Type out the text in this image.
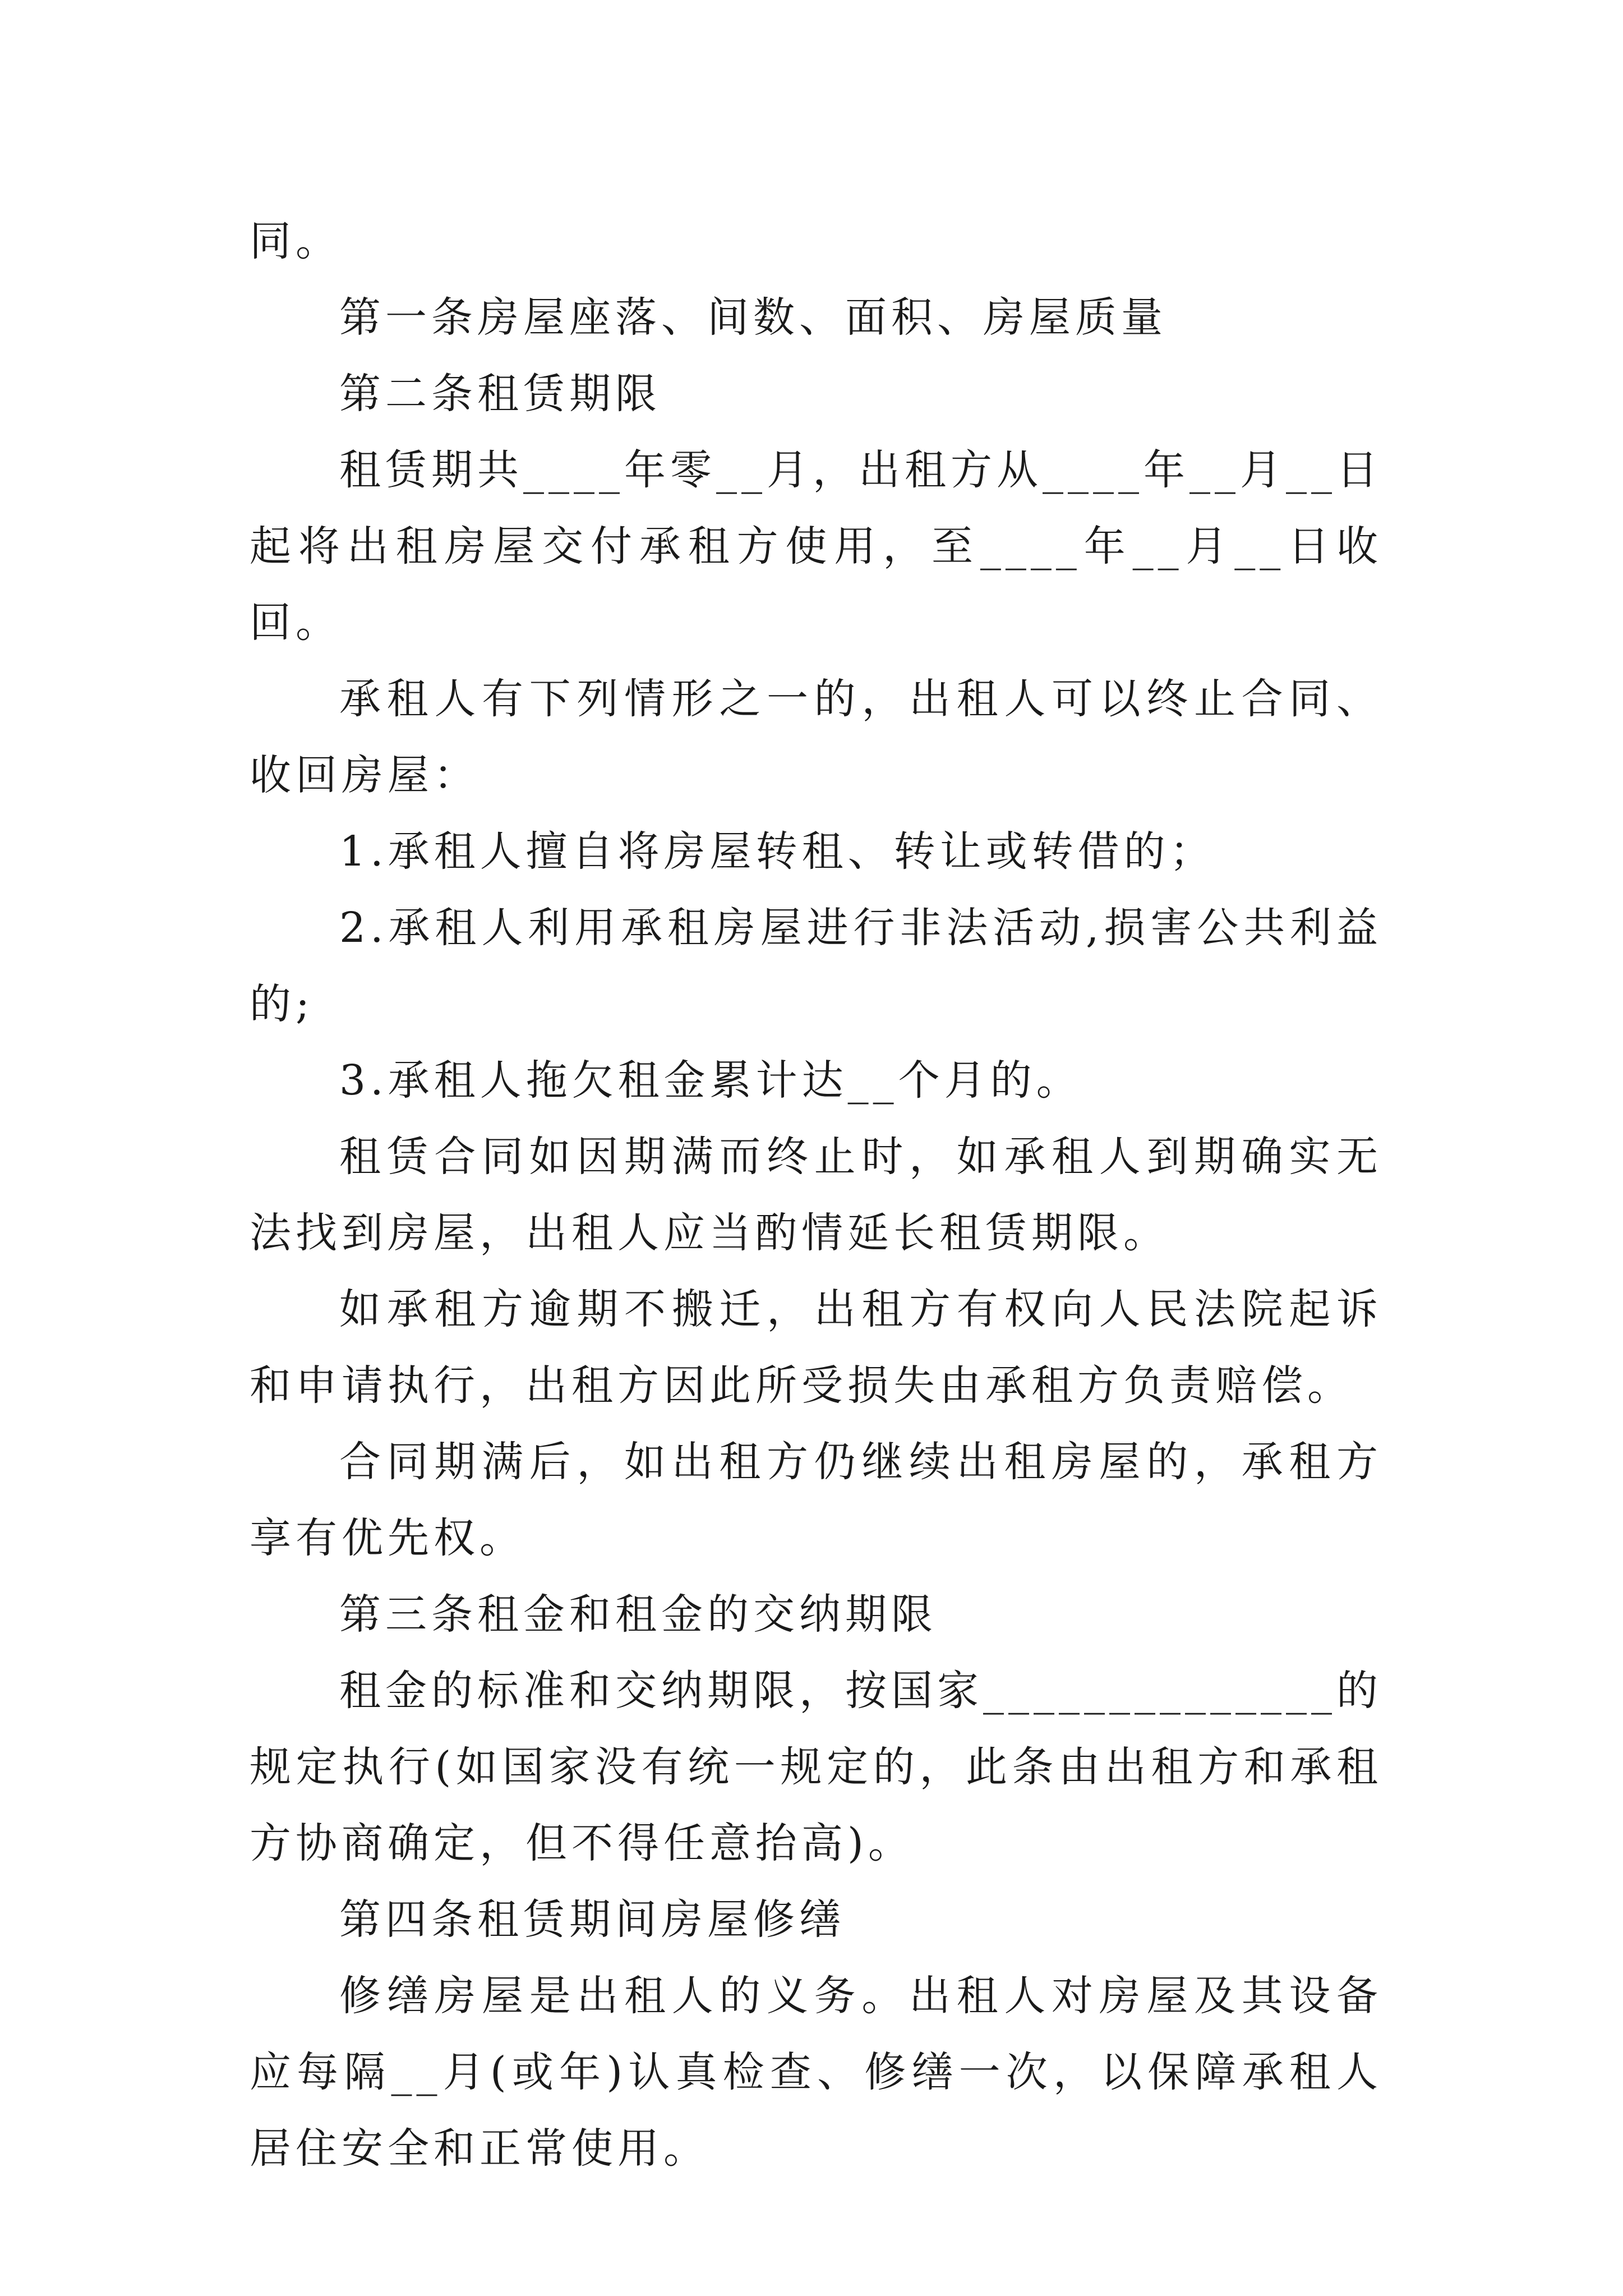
同。

第一条房屋座落、间数、面积、房屋质量

第二条租赁期限

租赁期共____年零__月，出租方从____年__月__日起将出租房屋交付承租方使用，至____年__月__日收回。

承租人有下列情形之一的，出租人可以终止合同、收回房屋：

1.承租人擅自将房屋转租、转让或转借的；

2.承租人利用承租房屋进行非法活动,损害公共利益的;

3.承租人拖欠租金累计达__个月的。

租赁合同如因期满而终止时，如承租人到期确实无法找到房屋，出租人应当酌情延长租赁期限。

如承租方逾期不搬迁，出租方有权向人民法院起诉和申请执行，出租方因此所受损失由承租方负责赔偿。

合同期满后，如出租方仍继续出租房屋的，承租方享有优先权。

第三条租金和租金的交纳期限

租金的标准和交纳期限，按国家______________的规定执行(如国家没有统一规定的，此条由出租方和承租方协商确定，但不得任意抬高)。

第四条租赁期间房屋修缮

修缮房屋是出租人的义务。出租人对房屋及其设备应每隔__月(或年)认真检查、修缮一次，以保障承租人居住安全和正常使用。
